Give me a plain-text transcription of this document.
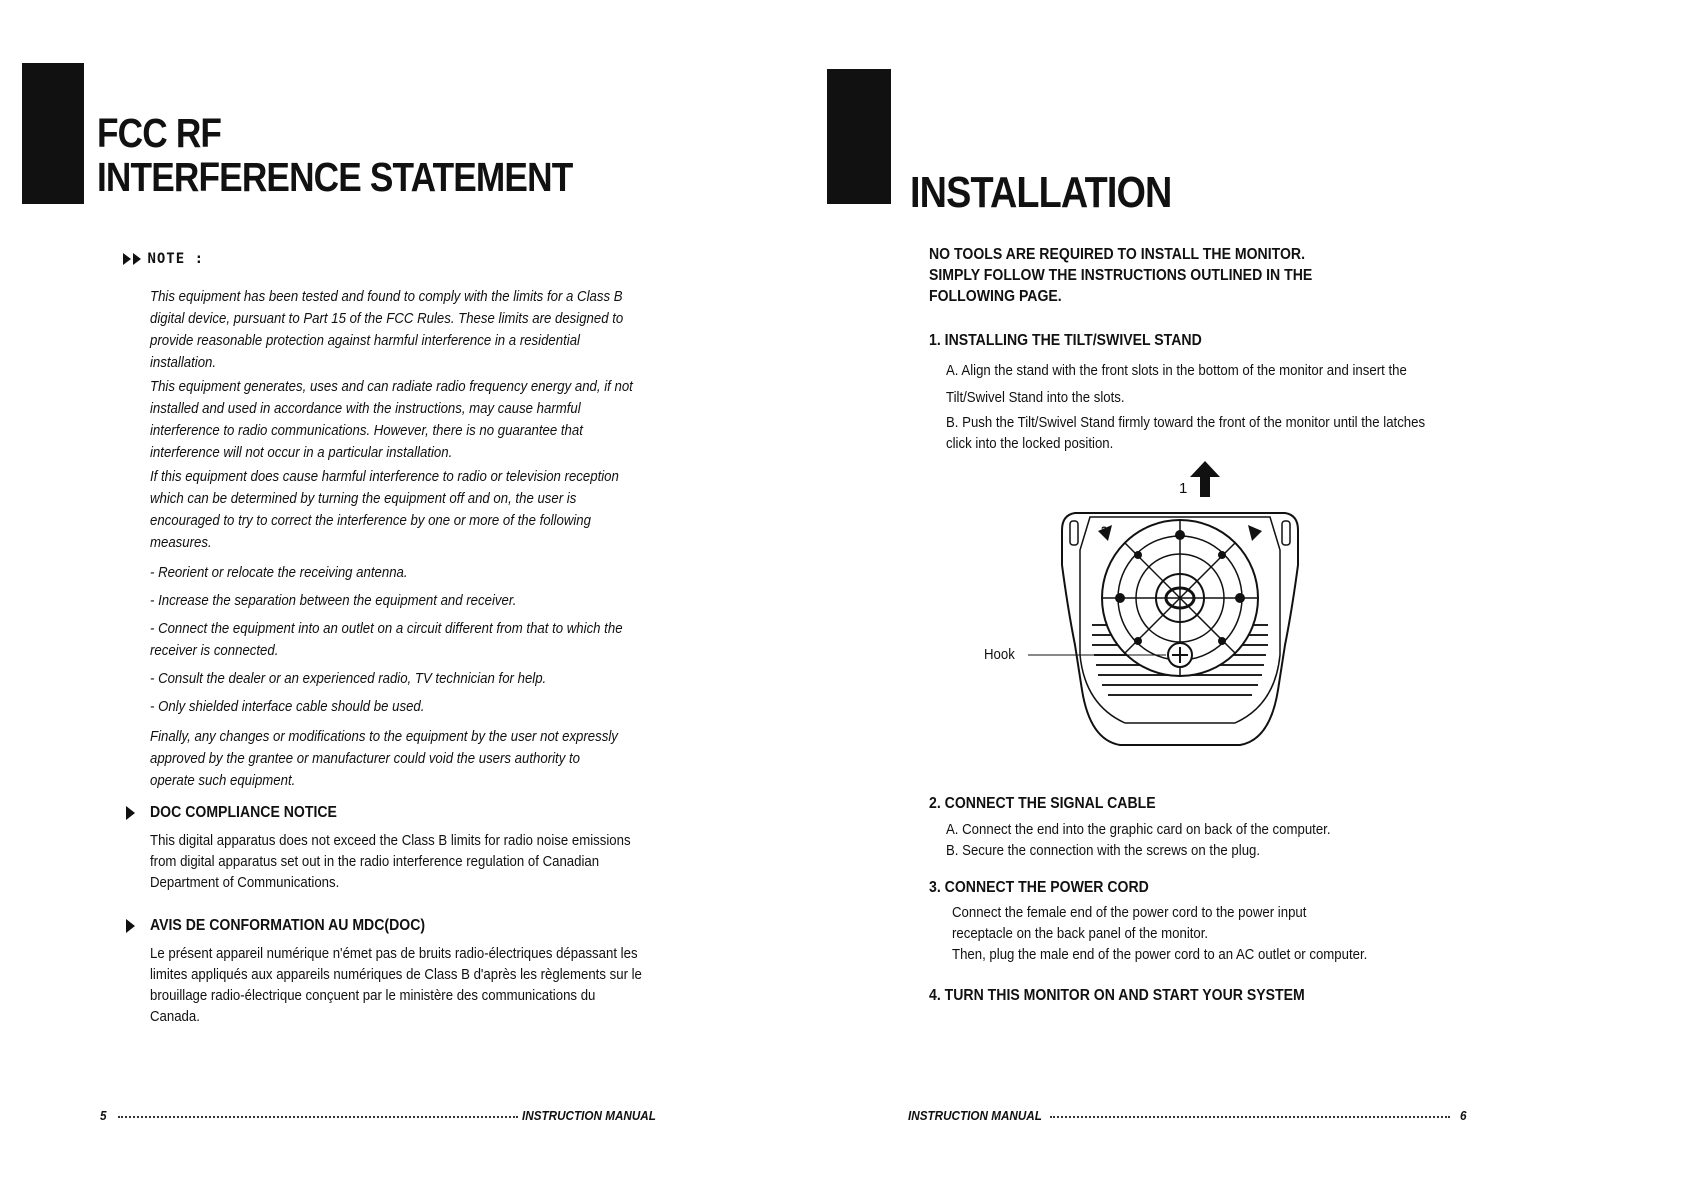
FCC RF
INTERFERENCE STATEMENT
NOTE :

This equipment has been tested and found to comply with the limits for a Class B digital device, pursuant to Part 15 of the FCC Rules. These limits are designed to provide reasonable protection against harmful interference in a residential installation.

This equipment generates, uses and can radiate radio frequency energy and, if not installed and used in accordance with the instructions, may cause harmful interference to radio communications. However, there is no guarantee that interference will not occur in a particular installation.

If this equipment does cause harmful interference to radio or television reception which can be determined by turning the equipment off and on, the user is encouraged to try to correct the interference by one or more of the following measures.

- Reorient or relocate the receiving antenna.

- Increase the separation between the equipment and receiver.

- Connect the equipment into an outlet on a circuit different from that to which the receiver is connected.

- Consult the dealer or an experienced radio, TV technician for help.

- Only shielded interface cable should be used.

Finally, any changes or modifications to the equipment by the user not expressly approved by the grantee or manufacturer could void the users authority to operate such equipment.

DOC COMPLIANCE NOTICE

This digital apparatus does not exceed the Class B limits for radio noise emissions from digital apparatus set out in the radio interference regulation of Canadian Department of Communications.

AVIS DE CONFORMATION AU MDC(DOC)

Le présent appareil numérique n'émet pas de bruits radio-électriques dépassant les limites appliqués aux appareils numériques de Class B d'après les règlements sur le brouillage radio-électrique conçuent par le ministère des communications du Canada.

5	INSTRUCTION MANUAL
INSTALLATION

NO TOOLS ARE REQUIRED TO INSTALL THE MONITOR. SIMPLY FOLLOW THE INSTRUCTIONS OUTLINED IN THE FOLLOWING PAGE.

1. INSTALLING THE TILT/SWIVEL STAND

A. Align the stand with the front slots in the bottom of the monitor and insert the Tilt/Swivel Stand into the slots.

B. Push the Tilt/Swivel Stand firmly toward the front of the monitor until the latches click into the locked position.

1
2
Hook

2. CONNECT THE SIGNAL CABLE

A. Connect the end into the graphic card on back of the computer.

B. Secure the connection with the screws on the plug.

3. CONNECT THE POWER CORD

Connect the female end of the power cord to the power input receptacle on the back panel of the monitor.

Then, plug the male end of the power cord to an AC outlet or computer.

4. TURN THIS MONITOR ON AND START YOUR SYSTEM

INSTRUCTION MANUAL	6
